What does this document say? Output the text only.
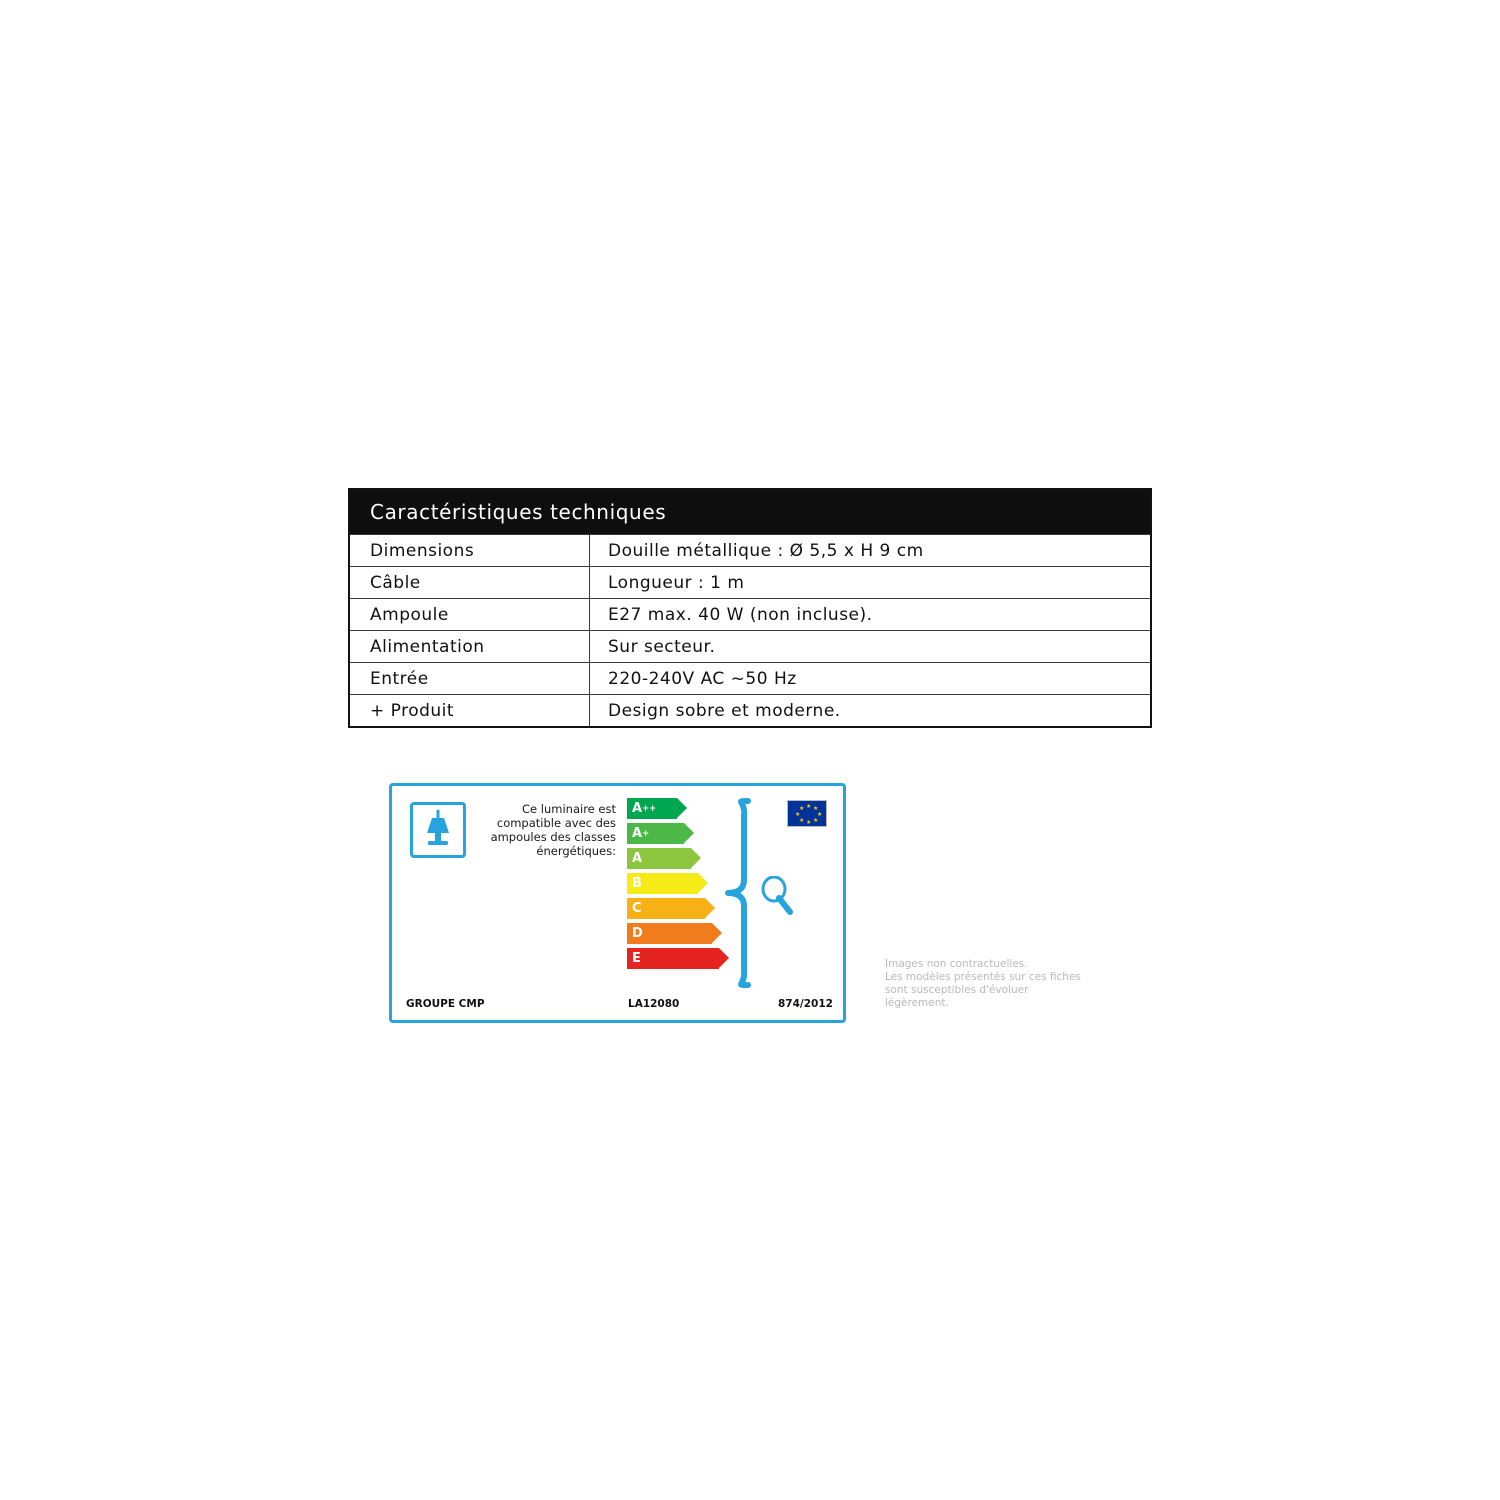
Caractéristiques techniques
Dimensions	Douille métallique : Ø 5,5 x H 9 cm
Câble	Longueur : 1 m
Ampoule	E27 max. 40 W (non incluse).
Alimentation	Sur secteur.
Entrée	220-240V AC ~50 Hz
+ Produit	Design sobre et moderne.
Ce luminaire est
compatible avec des
ampoules des classes
énergétiques:
A ++
A +
A
B
C
D
E
★ ★
★
★
★
★
★
★
GROUPE CMP	LA12080	874/2012
Images non contractuelles.
Les modèles présentés sur ces fiches
sont susceptibles d'évoluer légèrement.
